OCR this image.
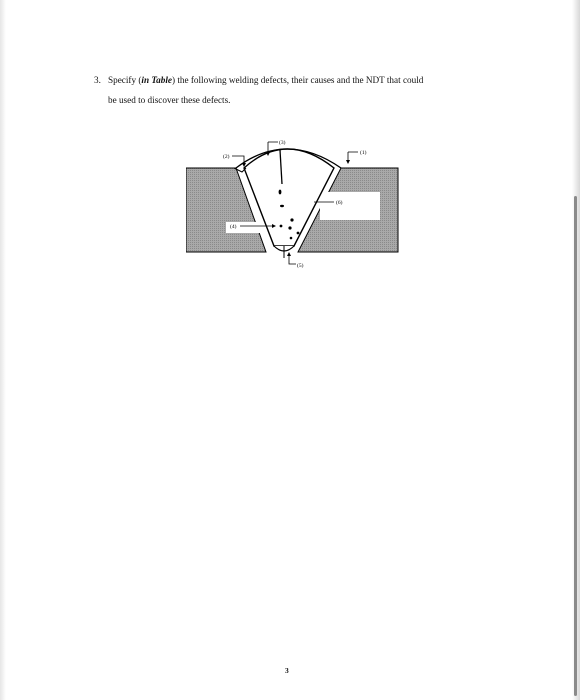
3. Specify (in Table) the following welding defects, their causes and the NDT that could
be used to discover these defects.
(1)
(2)
(3)
(4)
(5)
(6)
3
